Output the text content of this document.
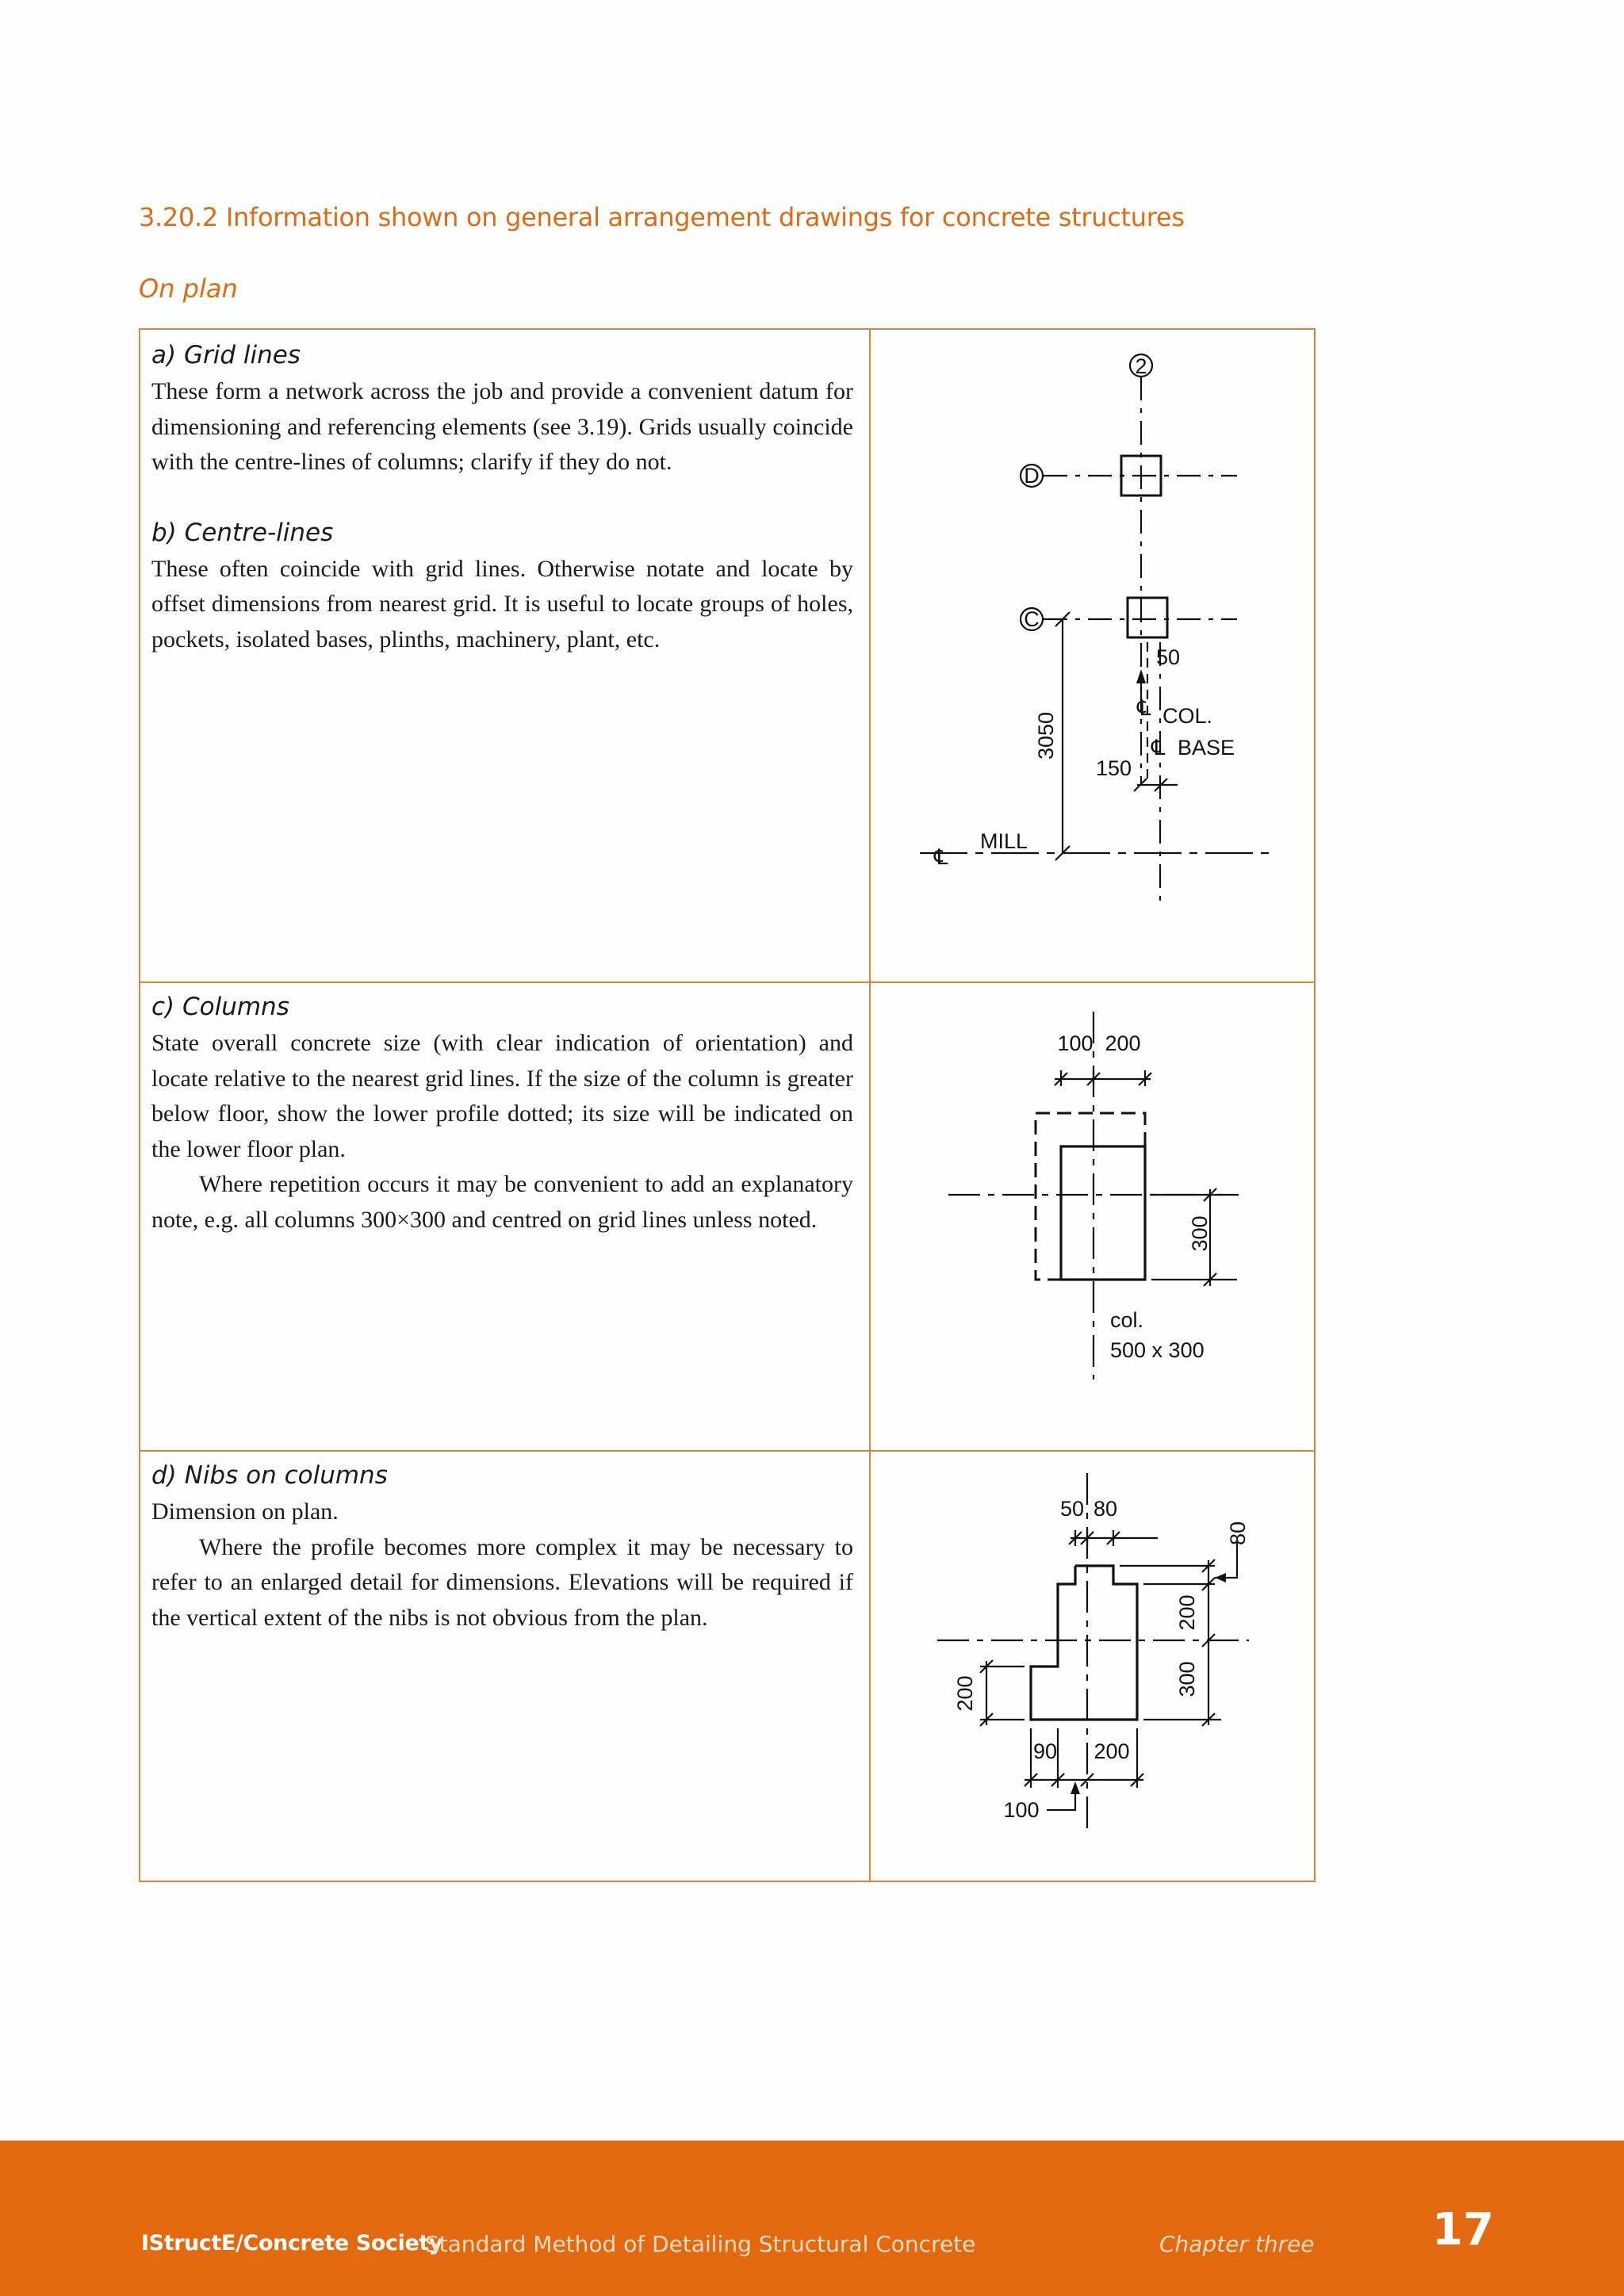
3.20.2 Information shown on general arrangement drawings for concrete structures
On plan
a) Grid lines

These form a network across the job and provide a convenient datum for dimensioning and referencing elements (see 3.19). Grids usually coincide with the centre-lines of columns; clarify if they do not.

b) Centre-lines

These often coincide with grid lines. Otherwise notate and locate by offset dimensions from nearest grid. It is useful to locate groups of holes, pockets, isolated bases, plinths, machinery, plant, etc.

c) Columns

State overall concrete size (with clear indication of orientation) and locate relative to the nearest grid lines. If the size of the column is greater below floor, show the lower profile dotted; its size will be indicated on the lower floor plan.

Where repetition occurs it may be convenient to add an explanatory note, e.g. all columns 300×300 and centred on grid lines unless noted.

d) Nibs on columns

Dimension on plan.

Where the profile becomes more complex it may be necessary to refer to an enlarged detail for dimensions. Elevations will be required if the vertical extent of the nibs is not obvious from the plan.

2
D
C
50
℄ COL.
℄ BASE
3050
150
℄
MILL
100 200
300
col.
500 x 300
50 80
80
200
300
200
90 200
100
IStructE/Concrete Society
Standard Method of Detailing Structural Concrete	Chapter three	17
